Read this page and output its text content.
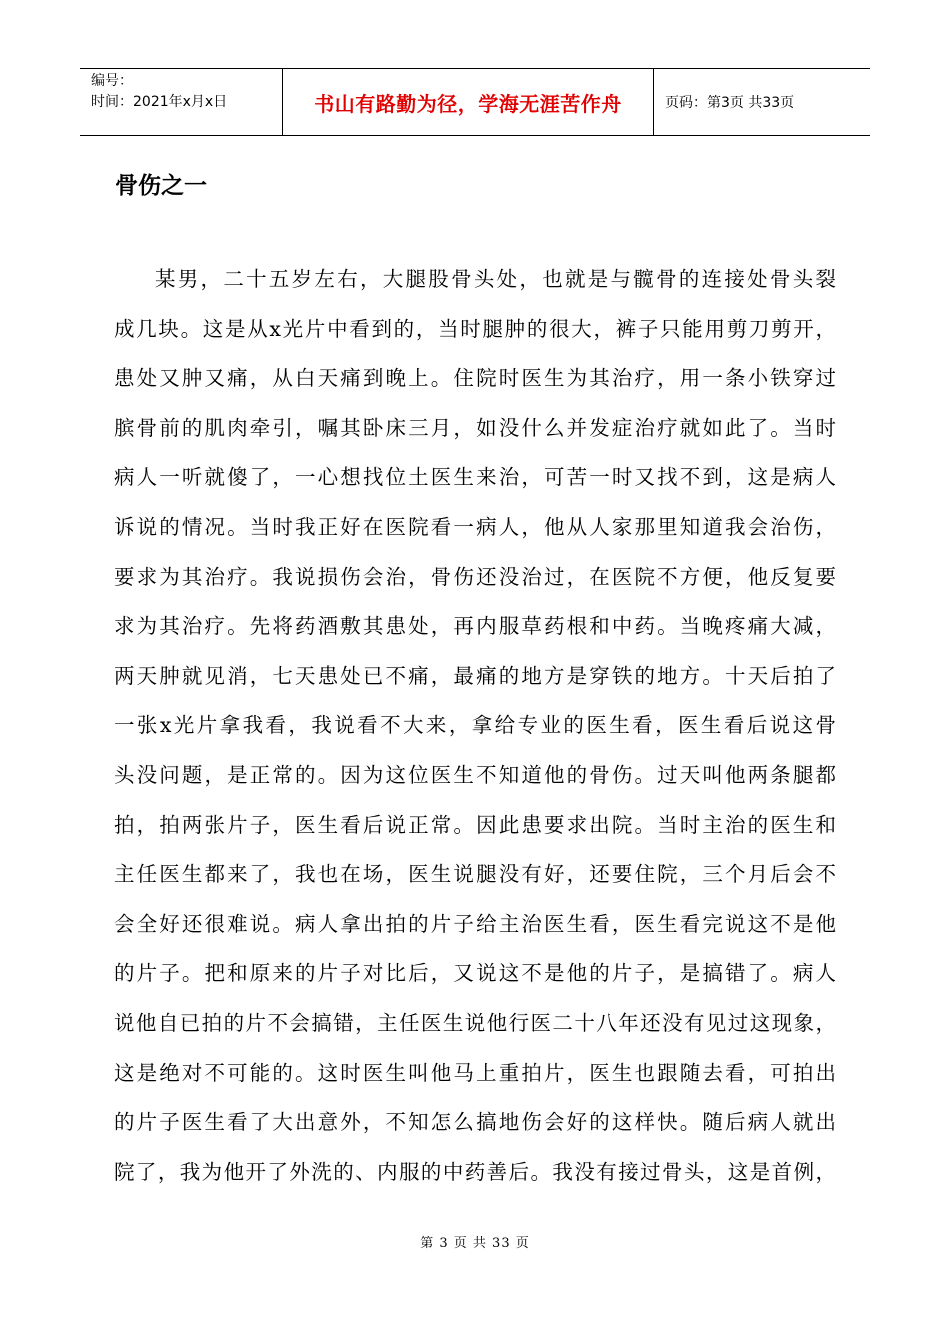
编号：
时间：2021年x月x日	书山有路勤为径，学海无涯苦作舟	页码：第3页 共33页
骨伤之一
某男，二十五岁左右，大腿股骨头处，也就是与髋骨的连接处骨头裂
成几块。这是从x光片中看到的，当时腿肿的很大，裤子只能用剪刀剪开，
患处又肿又痛，从白天痛到晚上。住院时医生为其治疗，用一条小铁穿过
膑骨前的肌肉牵引，嘱其卧床三月，如没什么并发症治疗就如此了。当时
病人一听就傻了，一心想找位土医生来治，可苦一时又找不到，这是病人
诉说的情况。当时我正好在医院看一病人，他从人家那里知道我会治伤，
要求为其治疗。我说损伤会治，骨伤还没治过，在医院不方便，他反复要
求为其治疗。先将药酒敷其患处，再内服草药根和中药。当晚疼痛大减，
两天肿就见消，七天患处已不痛，最痛的地方是穿铁的地方。十天后拍了
一张x光片拿我看，我说看不大来，拿给专业的医生看，医生看后说这骨
头没问题，是正常的。因为这位医生不知道他的骨伤。过天叫他两条腿都
拍，拍两张片子，医生看后说正常。因此患要求出院。当时主治的医生和
主任医生都来了，我也在场，医生说腿没有好，还要住院，三个月后会不
会全好还很难说。病人拿出拍的片子给主治医生看，医生看完说这不是他
的片子。把和原来的片子对比后，又说这不是他的片子，是搞错了。病人
说他自已拍的片不会搞错，主任医生说他行医二十八年还没有见过这现象，
这是绝对不可能的。这时医生叫他马上重拍片，医生也跟随去看，可拍出
的片子医生看了大出意外，不知怎么搞地伤会好的这样快。随后病人就出
院了，我为他开了外洗的、内服的中药善后。我没有接过骨头，这是首例，
第 3 页 共 33 页
